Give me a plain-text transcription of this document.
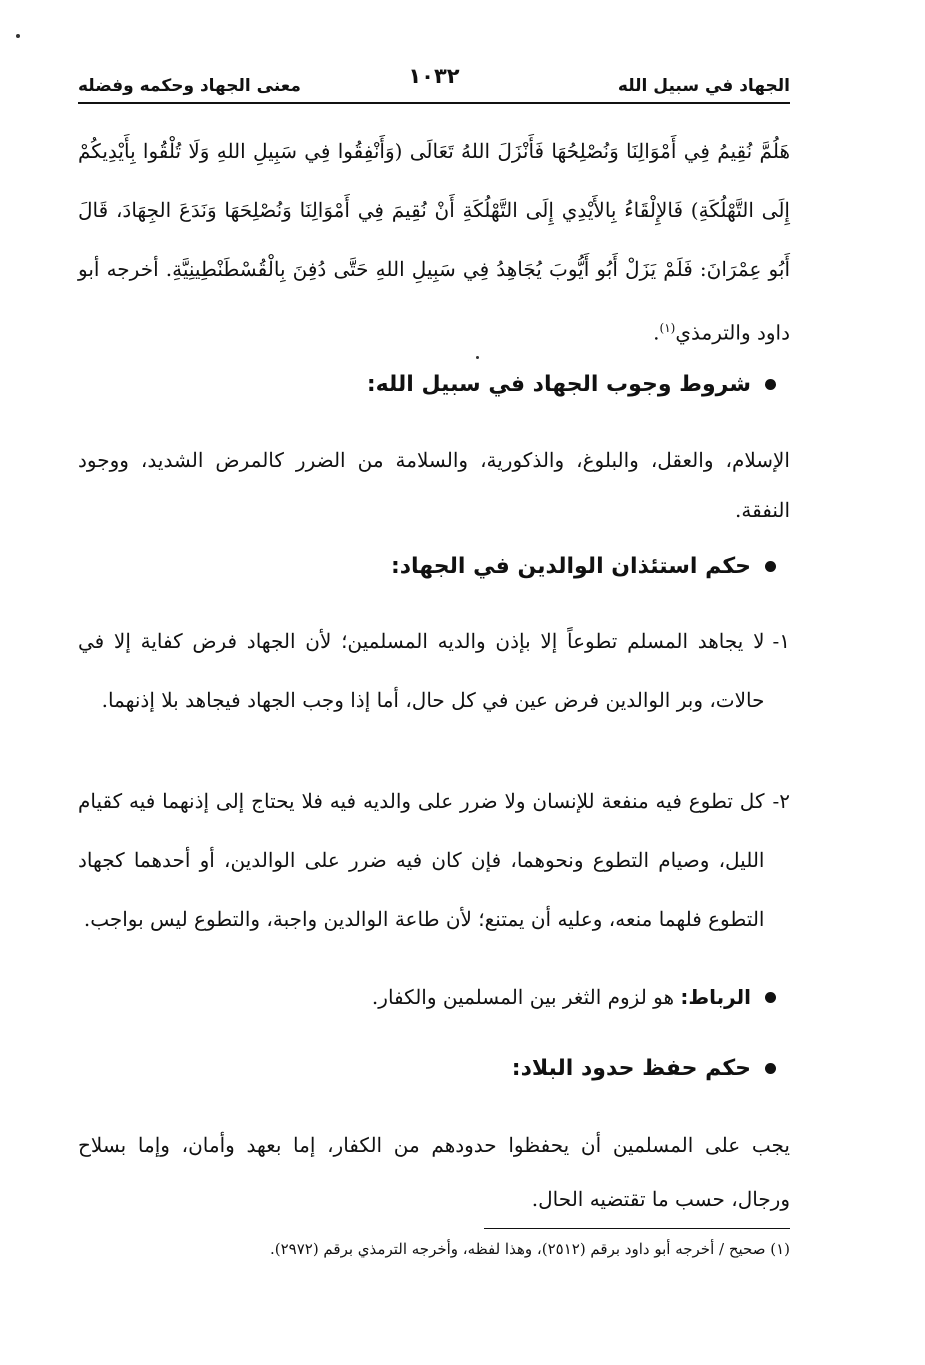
الجهاد في سبيل الله
١٠٣٢
معنى الجهاد وحكمه وفضله

هَلُمَّ نُقِيمُ فِي أَمْوَالِنَا وَنُصْلِحُهَا فَأَنْزَلَ اللهُ تَعَالَى (وَأَنْفِقُوا فِي سَبِيلِ اللهِ وَلَا تُلْقُوا بِأَيْدِيكُمْ إِلَى التَّهْلُكَةِ) فَالإِلْقَاءُ بِالأَيْدِي إِلَى التَّهْلُكَةِ أَنْ نُقِيمَ فِي أَمْوَالِنَا وَنُصْلِحَهَا وَنَدَعَ الجِهَادَ، قَالَ أَبُو عِمْرَانَ: فَلَمْ يَزَلْ أَبُو أَيُّوبَ يُجَاهِدُ فِي سَبِيلِ اللهِ حَتَّى دُفِنَ بِالْقُسْطَنْطِينِيَّةِ. أخرجه أبو داود والترمذي$^{(١)}$.

شروط وجوب الجهاد في سبيل الله:

الإسلام، والعقل، والبلوغ، والذكورية، والسلامة من الضرر كالمرض الشديد، ووجود النفقة.

حكم استئذان الوالدين في الجهاد:
١-

لا يجاهد المسلم تطوعاً إلا بإذن والديه المسلمين؛ لأن الجهاد فرض كفاية إلا في حالات، وبر الوالدين فرض عين في كل حال، أما إذا وجب الجهاد فيجاهد بلا إذنهما.

٢-

كل تطوع فيه منفعة للإنسان ولا ضرر على والديه فيه فلا يحتاج إلى إذنهما فيه كقيام الليل، وصيام التطوع ونحوهما، فإن كان فيه ضرر على الوالدين، أو أحدهما كجهاد التطوع فلهما منعه، وعليه أن يمتنع؛ لأن طاعة الوالدين واجبة، والتطوع ليس بواجب.

الرباط: هو لزوم الثغر بين المسلمين والكفار.
حكم حفظ حدود البلاد:

يجب على المسلمين أن يحفظوا حدودهم من الكفار، إما بعهد وأمان، وإما بسلاح ورجال، حسب ما تقتضيه الحال.

(١) صحيح / أخرجه أبو داود برقم (٢٥١٢)، وهذا لفظه، وأخرجه الترمذي برقم (٢٩٧٢).
